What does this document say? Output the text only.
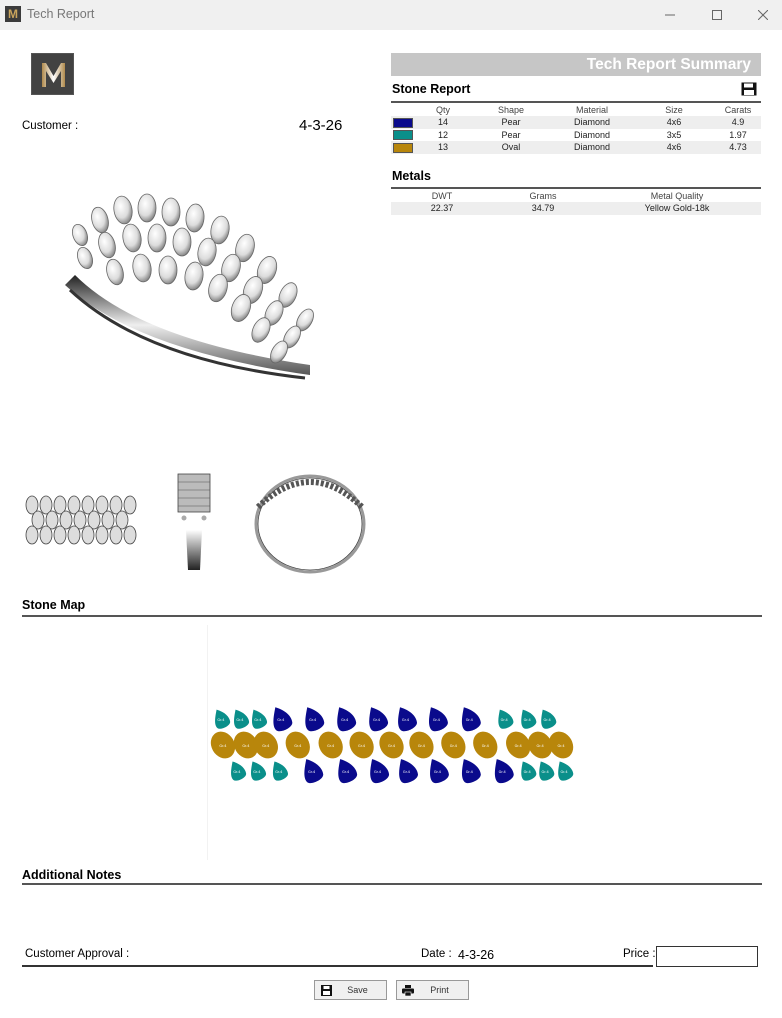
M Tech Report
Customer :	4-3-26
Tech Report Summary
Stone Report
	Qty	Shape	Material	Size	Carats
	14	Pear	Diamond	4x6	4.9
	12	Pear	Diamond	3x5	1.97
	13	Oval	Diamond	4x6	4.73
Metals
DWT	Grams	Metal Quality
22.37	34.79	Yellow Gold-18k
Stone Map
Gr.4	Gr.4	Gr.4	Gr.4	Gr.4	Gr.4	Gr.4	Gr.4	Gr.4	Gr.4	Gr.4	Gr.4	Gr.4
Gr.4	Gr.4	Gr.4	Gr.4	Gr.4	Gr.4	Gr.4	Gr.4	Gr.4	Gr.4	Gr.4	Gr.4	Gr.4
Gr.4	Gr.4	Gr.4	Gr.4	Gr.4	Gr.4	Gr.4	Gr.4	Gr.4	Gr.4	Gr.4	Gr.4	Gr.4
Additional Notes
Customer Approval :	Date : 4-3-26	Price :
Save	Print
